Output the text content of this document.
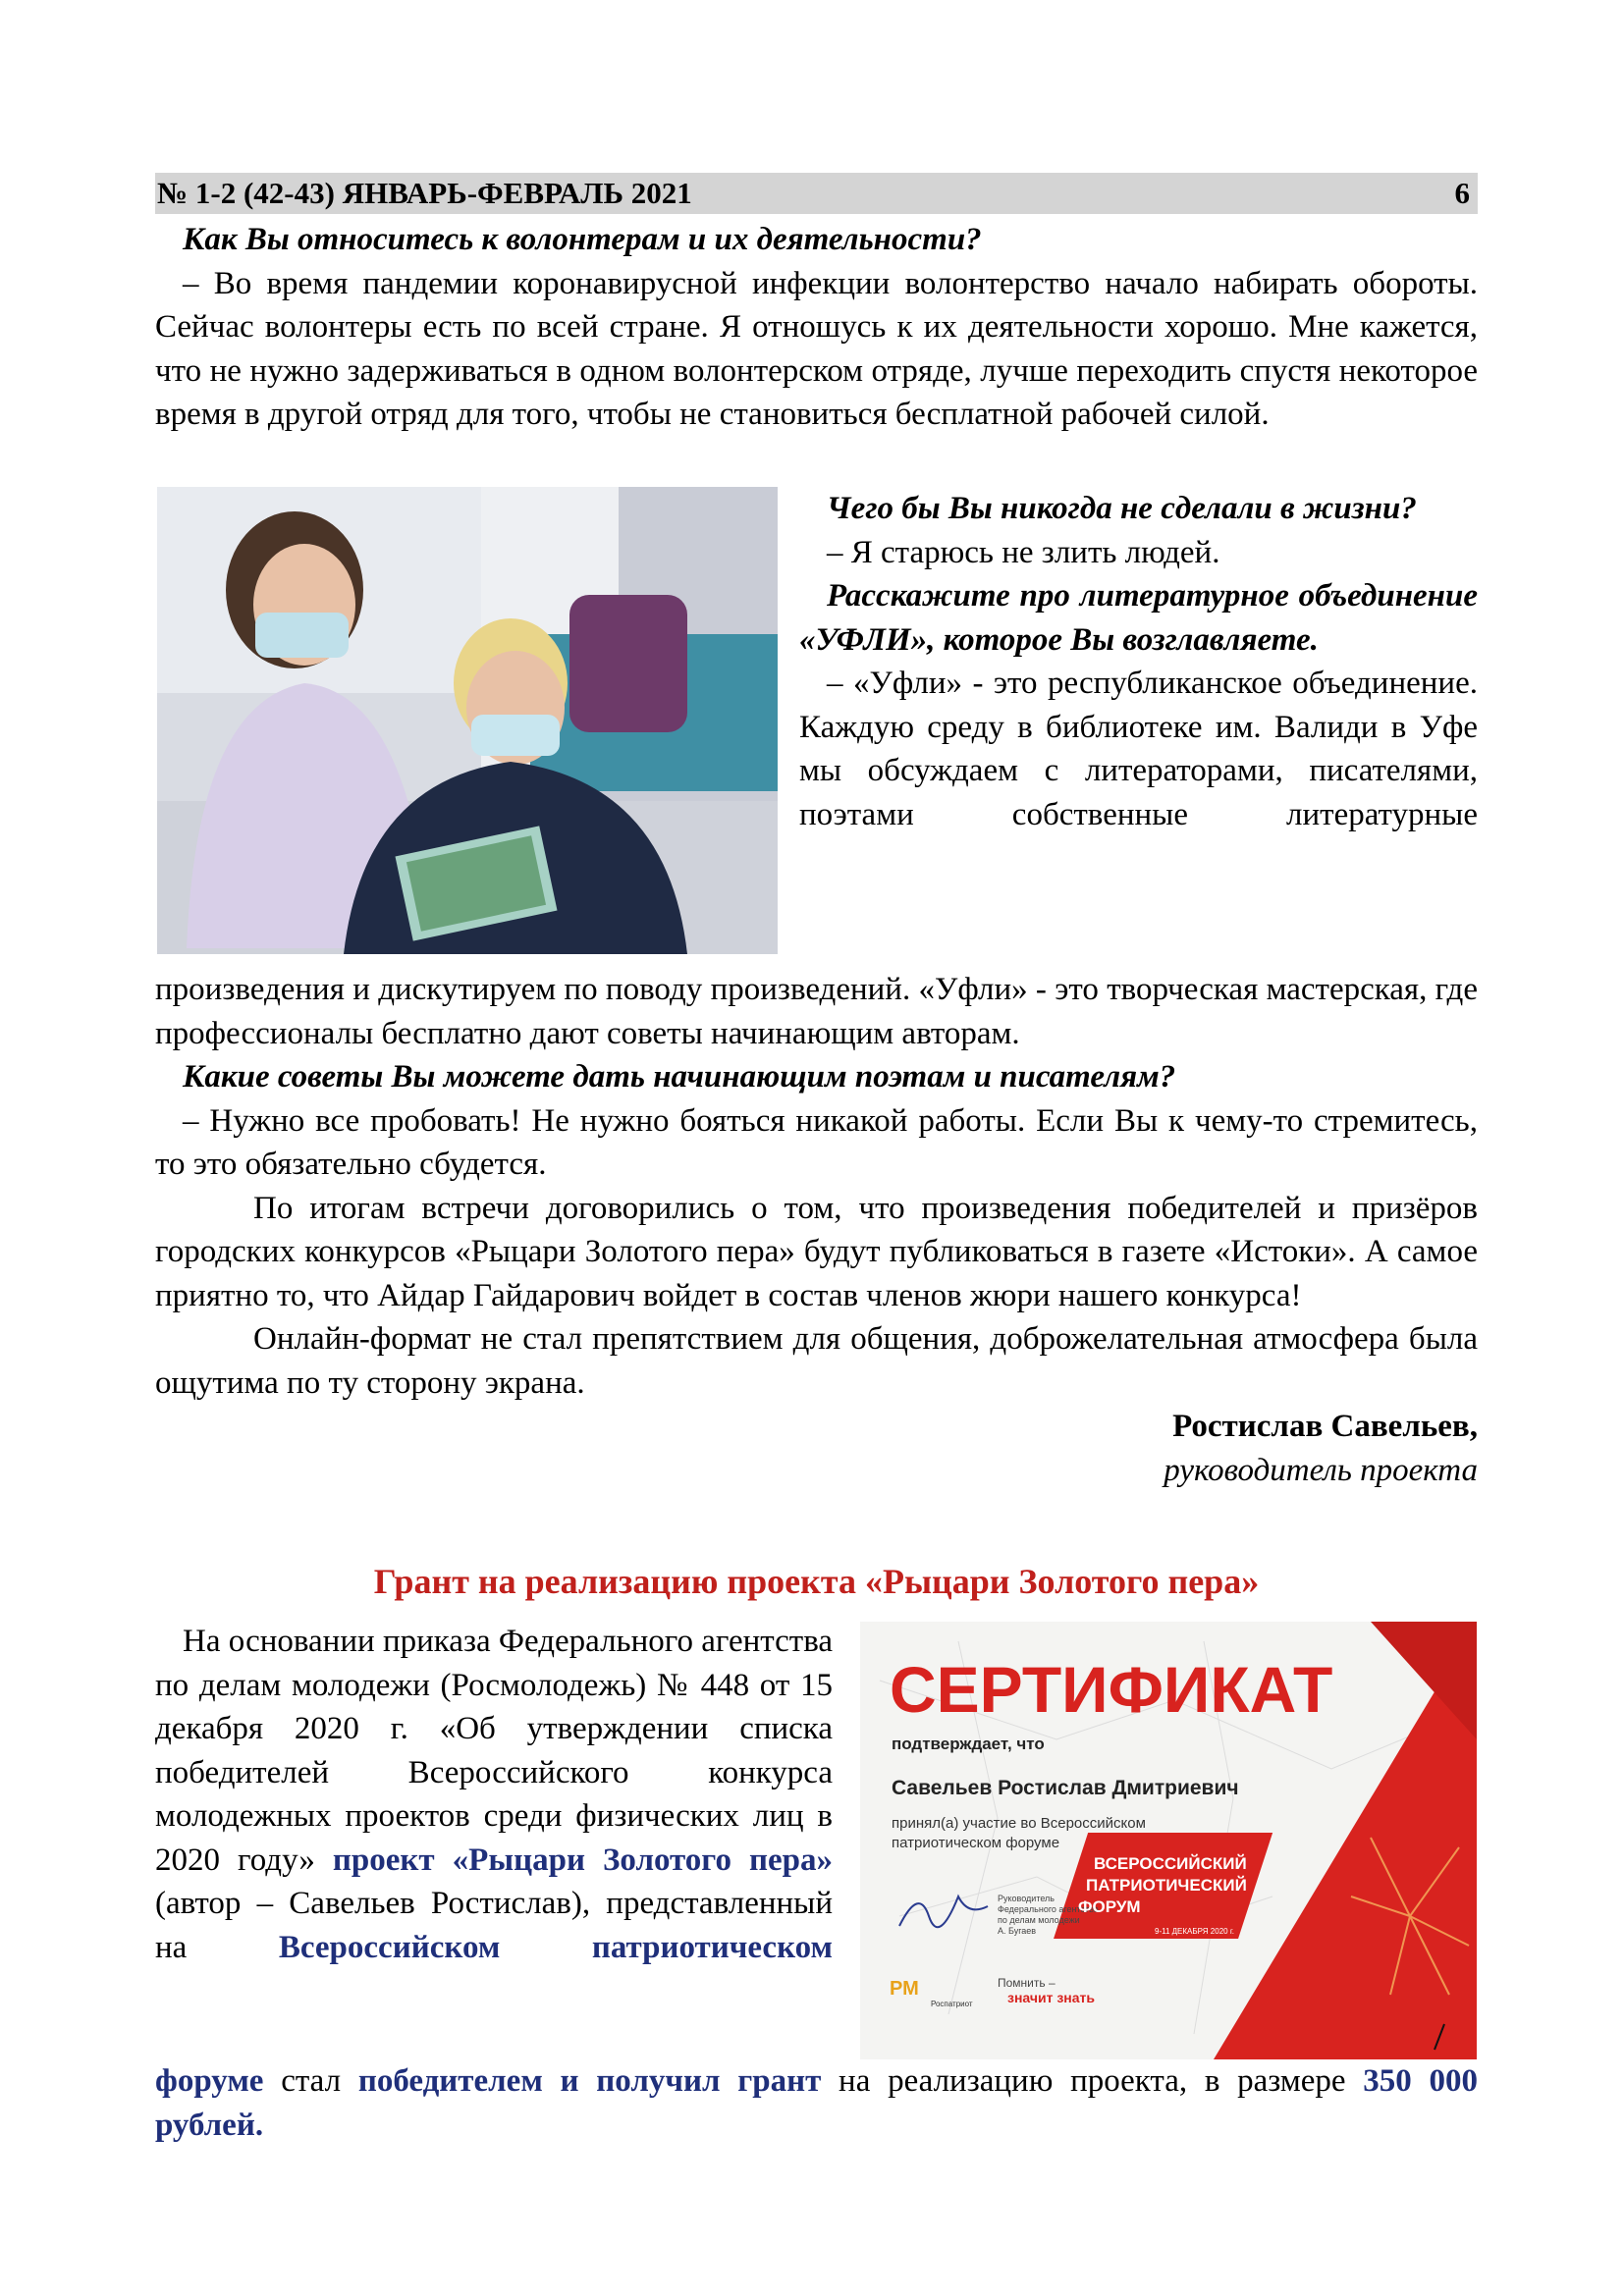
№ 1-2 (42-43) ЯНВАРЬ-ФЕВРАЛЬ 2021	6

Как Вы относитесь к волонтерам и их деятельности?

– Во время пандемии коронавирусной инфекции волонтерство начало набирать обороты. Сейчас волонтеры есть по всей стране. Я отношусь к их деятельности хорошо. Мне кажется, что не нужно задерживаться в одном волонтерском отряде, лучше переходить спустя некоторое время в другой отряд для того, чтобы не становиться бесплатной рабочей силой.

Чего бы Вы никогда не сделали в жизни?

– Я старюсь не злить людей.

Расскажите про литературное объединение «УФЛИ», которое Вы возглавляете.

– «Уфли» - это республиканское объединение. Каждую среду в библиотеке им. Валиди в Уфе мы обсуждаем с литераторами, писателями, поэтами собственные литературные

произведения и дискутируем по поводу произведений. «Уфли» - это творческая мастерская, где профессионалы бесплатно дают советы начинающим авторам.

Какие советы Вы можете дать начинающим поэтам и писателям?

– Нужно все пробовать! Не нужно бояться никакой работы. Если Вы к чему-то стремитесь, то это обязательно сбудется.

По итогам встречи договорились о том, что произведения победителей и призёров городских конкурсов «Рыцари Золотого пера» будут публиковаться в газете «Истоки». А самое приятно то, что Айдар Гайдарович войдет в состав членов жюри нашего конкурса!

Онлайн-формат не стал препятствием для общения, доброжелательная атмосфера была ощутима по ту сторону экрана.

Ростислав Савельев,

руководитель проекта

Грант на реализацию проекта «Рыцари Золотого пера»

На основании приказа Федерального агентства по делам молодежи (Росмолодежь) № 448 от 15 декабря 2020 г. «Об утверждении списка победителей Всероссийского конкурса молодежных проектов среди физических лиц в 2020 году» проект «Рыцари Золотого пера» (автор – Савельев Ростислав), представленный на	Всероссийском патриотическом

форуме стал победителем и получил грант на реализацию проекта, в размере 350 000 рублей.

СЕРТИФИКАТ
подтверждает, что
Савельев Ростислав Дмитриевич
принял(а) участие во Всероссийском
патриотическом форуме
Руководитель
Федерального агентства
по делам молодежи
А. Бугаев
ВСЕРОССИЙСКИЙ
ПАТРИОТИЧЕСКИЙ
ФОРУМ
9-11 ДЕКАБРЯ 2020 г.
РМ
Роспатриот
Помнить –
значит знать
